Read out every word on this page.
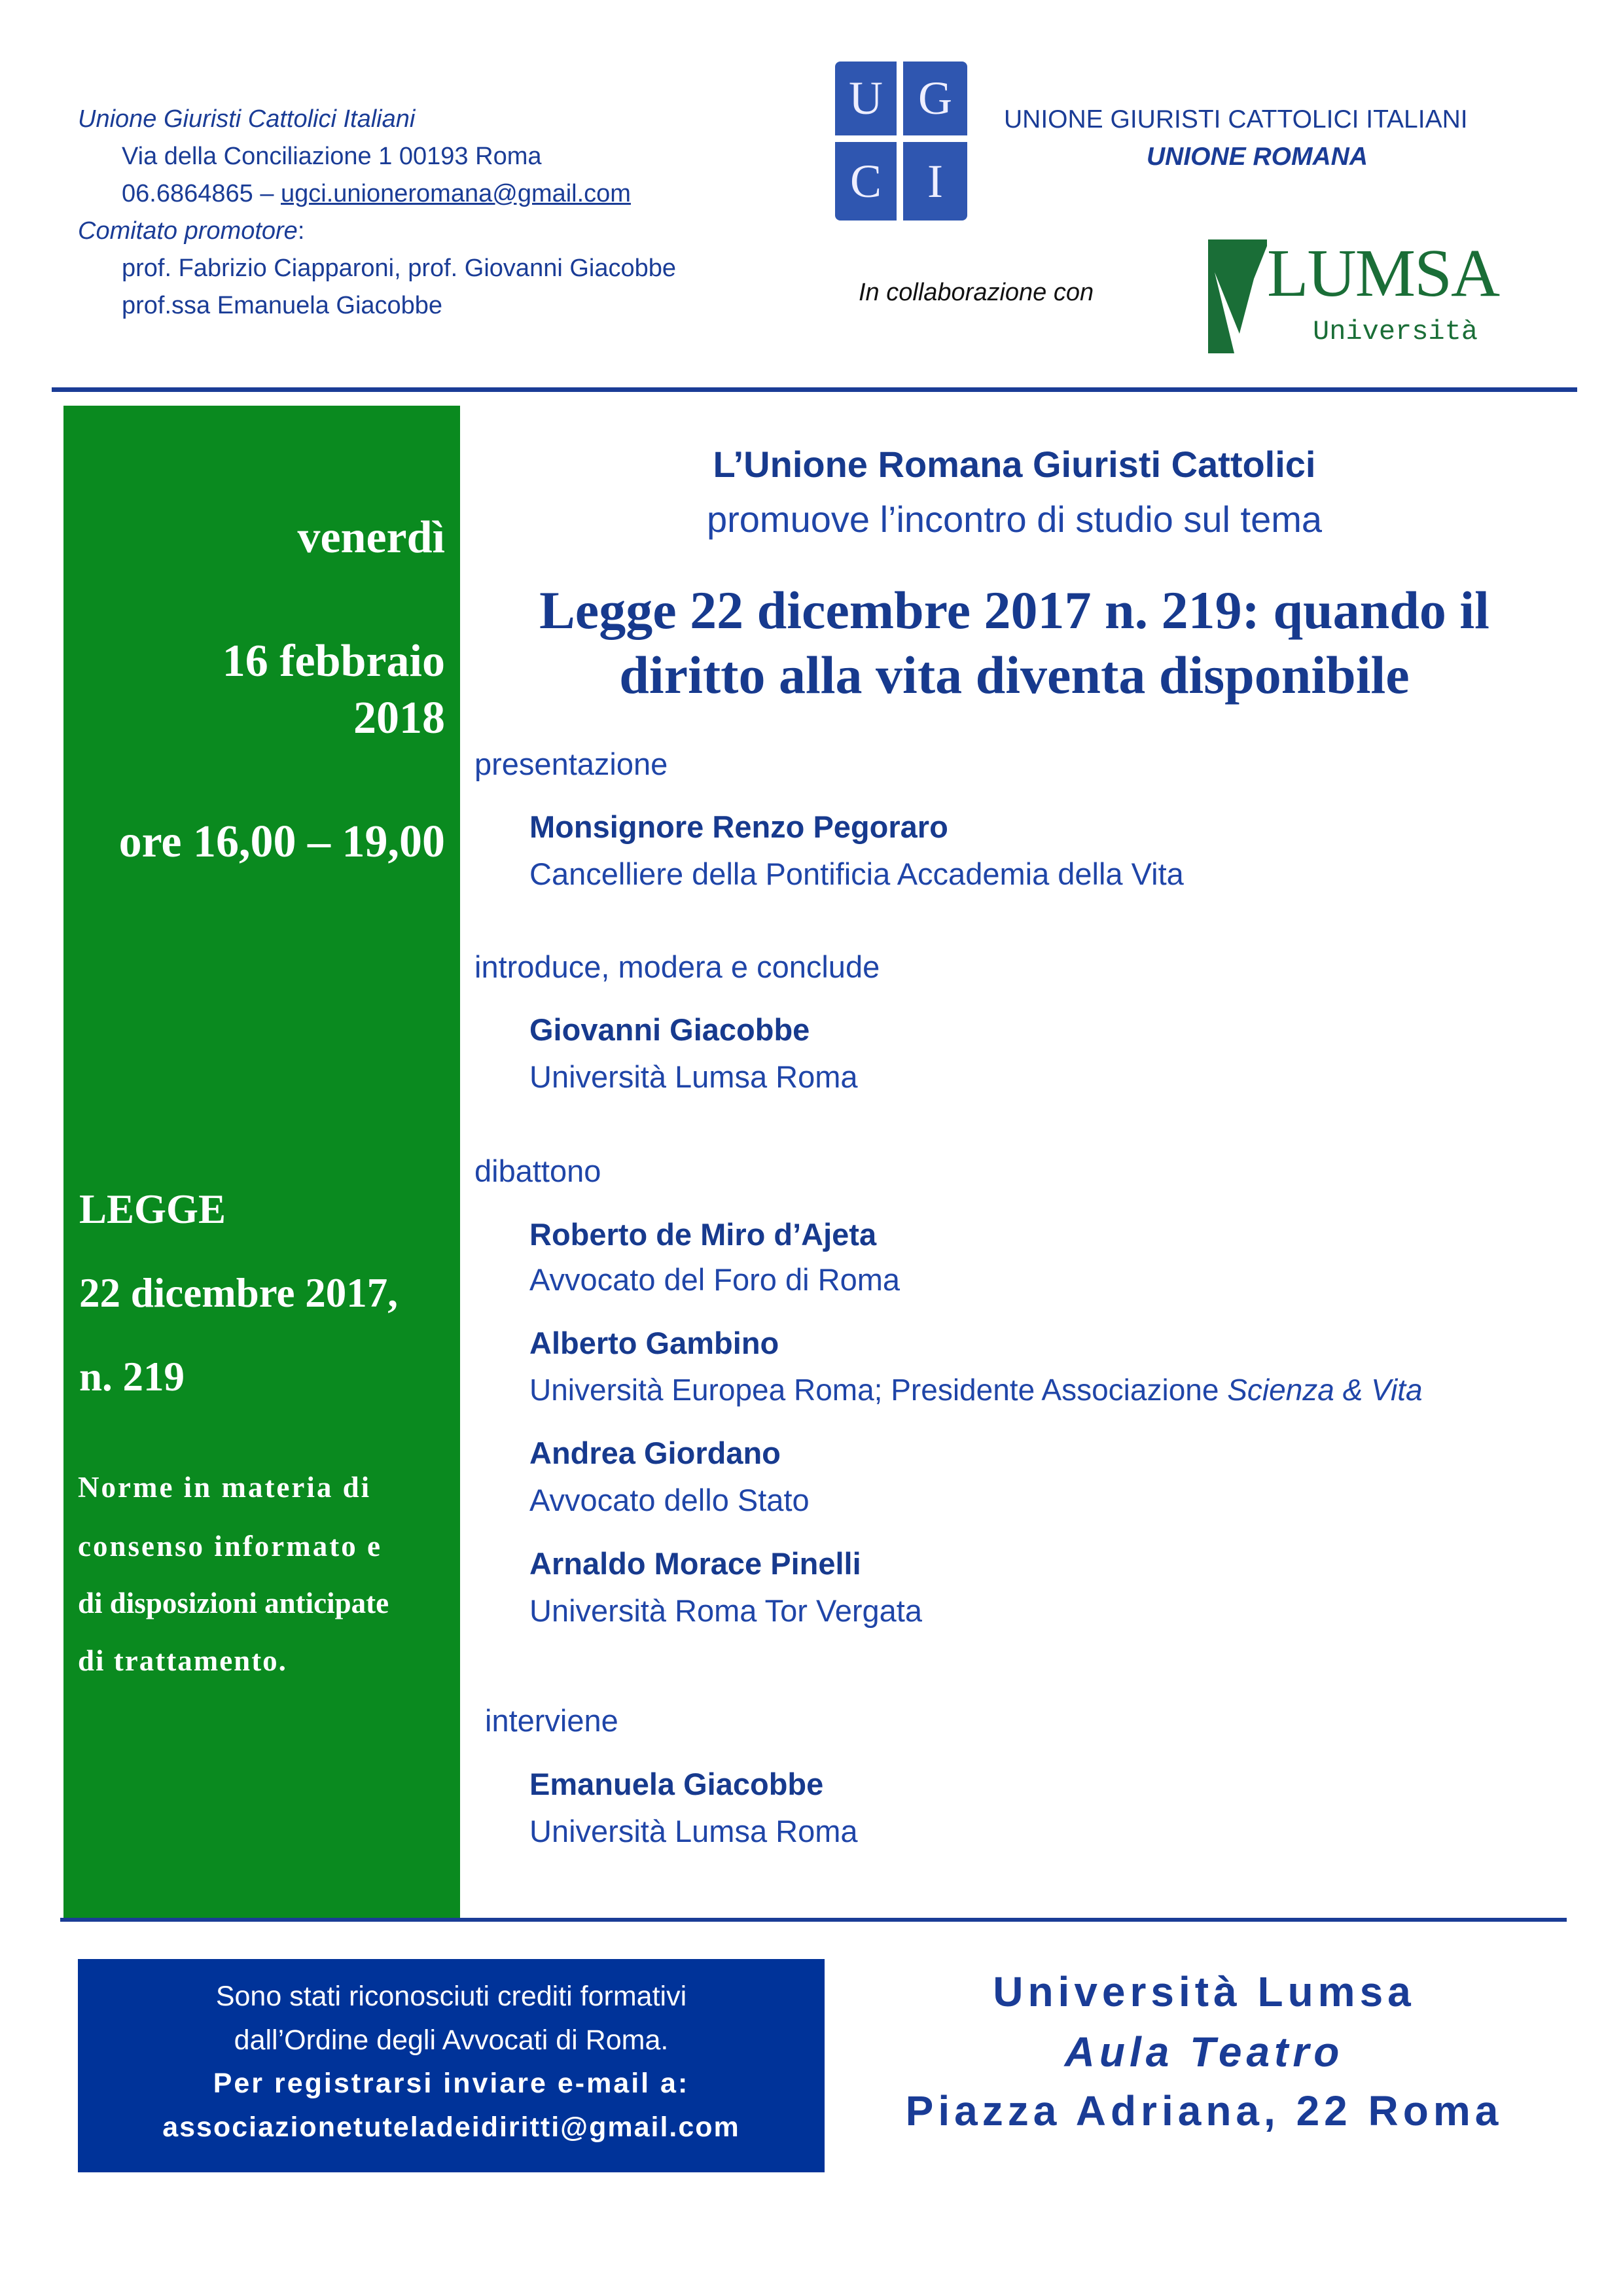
Unione Giuristi Cattolici Italiani
Via della Conciliazione 1 00193 Roma
06.6864865 – ugci.unioneromana@gmail.com
Comitato promotore:
prof. Fabrizio Ciapparoni, prof. Giovanni Giacobbe
prof.ssa Emanuela Giacobbe
U G
C I
UNIONE GIURISTI CATTOLICI ITALIANI
UNIONE ROMANA
In collaborazione con	LUMSA
Università
venerdì
16 febbraio
2018
ore 16,00 – 19,00
LEGGE
22 dicembre 2017,
n. 219
Norme in materia di
consenso informato e
di disposizioni anticipate
di trattamento.
L’Unione Romana Giuristi Cattolici
promuove l’incontro di studio sul tema
Legge 22 dicembre 2017 n. 219: quando il
diritto alla vita diventa disponibile
presentazione
Monsignore Renzo Pegoraro
Cancelliere della Pontificia Accademia della Vita
introduce, modera e conclude
Giovanni Giacobbe
Università Lumsa Roma
dibattono
Roberto de Miro d’Ajeta
Avvocato del Foro di Roma
Alberto Gambino
Università Europea Roma; Presidente Associazione Scienza & Vita
Andrea Giordano
Avvocato dello Stato
Arnaldo Morace Pinelli
Università Roma Tor Vergata
interviene
Emanuela Giacobbe
Università Lumsa Roma
Sono stati riconosciuti crediti formativi
dall’Ordine degli Avvocati di Roma.
Per registrarsi inviare e-mail a:
associazionetuteladeidiritti@gmail.com
Università Lumsa
Aula Teatro
Piazza Adriana, 22 Roma
